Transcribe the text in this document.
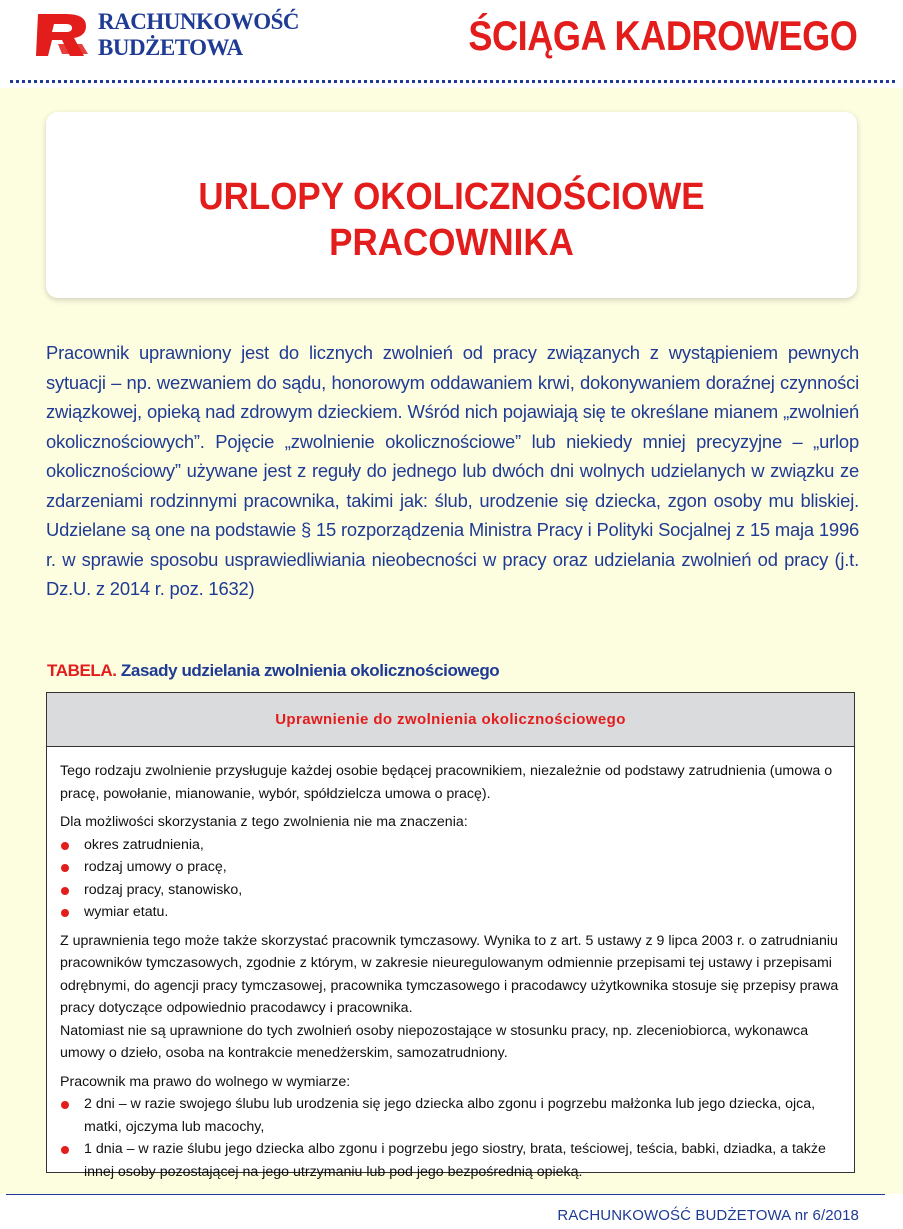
RACHUNKOWOŚĆ
BUDŻETOWA	ŚCIĄGA KADROWEGO
URLOPY OKOLICZNOŚCIOWE
PRACOWNIKA
Pracownik uprawniony jest do licznych zwolnień od pracy związanych z wystąpieniem pewnych sytuacji – np. wezwaniem do sądu, honorowym oddawaniem krwi, dokonywaniem doraźnej czynności związkowej, opieką nad zdrowym dzieckiem. Wśród nich pojawiają się te określane mianem „zwolnień okolicznościowych”. Pojęcie „zwolnienie okolicznościowe” lub niekiedy mniej precyzyjne – „urlop okolicznościowy” używane jest z reguły do jednego lub dwóch dni wolnych udzielanych w związku ze zdarzeniami rodzinnymi pracownika, takimi jak: ślub, urodzenie się dziecka, zgon osoby mu bliskiej. Udzielane są one na podstawie § 15 rozporządzenia Ministra Pracy i Polityki Socjalnej z 15 maja 1996 r. w sprawie sposobu usprawiedliwiania nieobecności w pracy oraz udzielania zwolnień od pracy (j.t. Dz.U. z 2014 r. poz. 1632)
TABELA. Zasady udzielania zwolnienia okolicznościowego
Uprawnienie do zwolnienia okolicznościowego

Tego rodzaju zwolnienie przysługuje każdej osobie będącej pracownikiem, niezależnie od podstawy zatrudnienia (umowa o pracę, powołanie, mianowanie, wybór, spółdzielcza umowa o pracę).

Dla możliwości skorzystania z tego zwolnienia nie ma znaczenia:

okres zatrudnienia,
rodzaj umowy o pracę,
rodzaj pracy, stanowisko,
wymiar etatu.

Z uprawnienia tego może także skorzystać pracownik tymczasowy. Wynika to z art. 5 ustawy z 9 lipca 2003 r. o zatrudnianiu pracowników tymczasowych, zgodnie z którym, w zakresie nieuregulowanym odmiennie przepisami tej ustawy i przepisami odrębnymi, do agencji pracy tymczasowej, pracownika tymczasowego i pracodawcy użytkownika stosuje się przepisy prawa pracy dotyczące odpowiednio pracodawcy i pracownika.

Natomiast nie są uprawnione do tych zwolnień osoby niepozostające w stosunku pracy, np. zleceniobiorca, wykonawca umowy o dzieło, osoba na kontrakcie menedżerskim, samozatrudniony.

Pracownik ma prawo do wolnego w wymiarze:

2 dni – w razie swojego ślubu lub urodzenia się jego dziecka albo zgonu i pogrzebu małżonka lub jego dziecka, ojca, matki, ojczyma lub macochy,
1 dnia – w razie ślubu jego dziecka albo zgonu i pogrzebu jego siostry, brata, teściowej, teścia, babki, dziadka, a także innej osoby pozostającej na jego utrzymaniu lub pod jego bezpośrednią opieką.
RACHUNKOWOŚĆ BUDŻETOWA nr 6/2018
